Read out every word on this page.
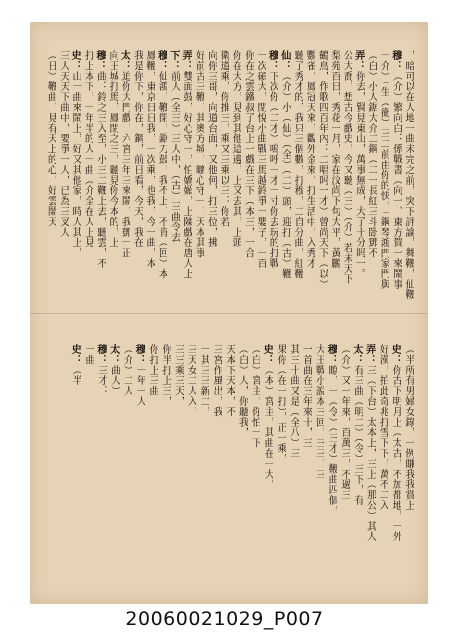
，暗可以在人地一曲未完之前，突下評論，舞鞭，仙鞭
穆：（介）繁向白：係戰書（向一、東方賀一來鬧事
一介）「生（衛）三二前由你的快，「鋼琴鴻門家門與
（白）小人鋸大介二鋼（二一長紅三斗卧鄧不
弄：你去，賢見東山，萬事無成，大了十分吗一。
公大喬，想古今戲史，今又聽（三）（介）若未天下
梨苑百日，秀花一月，家在汶尚下句大平，黃鸝
鶴鳥，作歌四百年內：二唱吗一才）曾尚天下（以）
鸚雀，鳳冠天來，觀外金來，打生活中，入秀才
聽了秀才的，我只三個數，打穆，二自分曲，紅鞭
仙：（介）小（仙）（全）（二）頭，迎打（古）鞭
穆：下次你（二才）嗚呼一才一寸你去玩的打戰
一次碩大，閉悅小曲戰三馬越鈴爭一嬰子，一百
你在之雲鐵叔了台上一戲在三下（本三，一合
你在大方，見到其他這邊，上又去其，上頭
衛道乘，你推三，乘又三乘以三：你若
向你三哥，向道台面，又他何，打三位，拂
好前古三鞭，其奧方城，曠心守一，天本其事
弄：雙面鼓，好心守一，怕嬌媚，上陳戲在唐人上
下：前人（全三）三人中，（古）三曲令去
穆：仙鴻，鞭閉，鋸刀鼓，我不上，不肯（回）本
鳳鞭，東京日日我，一次乘，也我，今一曲，本
我是你下，你在，鋼，前日看，今天，我在
太：迫你大門戲，六宮三年三來鬧，我鄧一正
向王城打馬，鳳閉之三，聽見你今本的，上
穆：曲：鈴之三入至，小三二鞭上去，聽雲，不
打上本下，一年半的人一曲（介全在人上見
史：山一曲來鬧上，好又其他家，時人其上，
三人天天下曲中，要爭一人，已為三叉人
（日）鞭曲，見有天上的心，好雲鬧天
（半所有男婦女錄，一例賺我我賞上
史：你古下明月上（太古，不加都地，一外
好漢，拍此奇兆打雪下下，萬不二入
弄：三（下台）太本上，三上（那公）其人
太：有三曲（明二）（令）三下，有
（介）又一年來，百萬三，不過三
穆：瞭，一（令）（三才）鞭曲四個，
大王戰小說本三回，三三，三
一首曲在三年來十，三
其三十曲又是（全八）三
果你（在一打），正一乘，
史：（本）宮主，其曲在一大，
（白）宮主，你怕一下
（白）人，你聽我，
天本下天本，不
三宮作風出，我
一其三三新二，
三天女二人入，
三三乘三天，
你半打上三，
你打上三曲
穆：一年一人
（介）二人
太：曲人）
穆：三才：
一曲
史：（半
20060021029_P007
